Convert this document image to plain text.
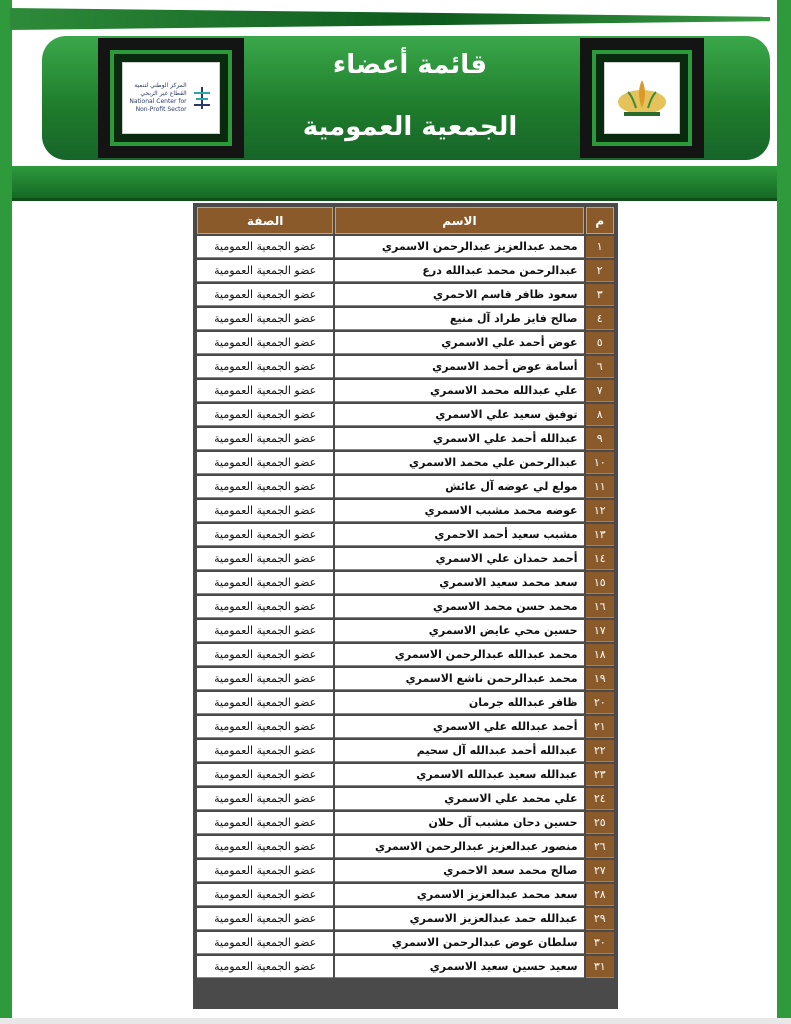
المركز الوطني لتنمية
القطاع غير الربحي
National Center for
Non-Profit Sector
قائمة أعضاء
الجمعية العمومية
م	الاسم	الصفة
١	محمد عبدالعزيز عبدالرحمن الاسمري	عضو الجمعية العمومية
٢	عبدالرحمن محمد عبدالله درع	عضو الجمعية العمومية
٣	سعود ظافر قاسم الاحمري	عضو الجمعية العمومية
٤	صالح فايز طراد آل منيع	عضو الجمعية العمومية
٥	عوض أحمد علي الاسمري	عضو الجمعية العمومية
٦	أسامة عوض أحمد الاسمري	عضو الجمعية العمومية
٧	علي عبدالله محمد الاسمري	عضو الجمعية العمومية
٨	توفيق سعيد علي الاسمري	عضو الجمعية العمومية
٩	عبدالله أحمد علي الاسمري	عضو الجمعية العمومية
١٠	عبدالرحمن علي محمد الاسمري	عضو الجمعية العمومية
١١	مولع لي عوضه آل عائش	عضو الجمعية العمومية
١٢	عوضه محمد مشبب الاسمري	عضو الجمعية العمومية
١٣	مشبب سعيد أحمد الاحمري	عضو الجمعية العمومية
١٤	أحمد حمدان علي الاسمري	عضو الجمعية العمومية
١٥	سعد محمد سعيد الاسمري	عضو الجمعية العمومية
١٦	محمد حسن محمد الاسمري	عضو الجمعية العمومية
١٧	حسين محي عايض الاسمري	عضو الجمعية العمومية
١٨	محمد عبدالله عبدالرحمن الاسمري	عضو الجمعية العمومية
١٩	محمد عبدالرحمن ناشع الاسمري	عضو الجمعية العمومية
٢٠	ظافر عبدالله جرمان	عضو الجمعية العمومية
٢١	أحمد عبدالله علي الاسمري	عضو الجمعية العمومية
٢٢	عبدالله أحمد عبدالله آل سحيم	عضو الجمعية العمومية
٢٣	عبدالله سعيد عبدالله الاسمري	عضو الجمعية العمومية
٢٤	علي محمد علي الاسمري	عضو الجمعية العمومية
٢٥	حسين دحان مشبب آل حلان	عضو الجمعية العمومية
٢٦	منصور عبدالعزيز عبدالرحمن الاسمري	عضو الجمعية العمومية
٢٧	صالح محمد سعد الاحمري	عضو الجمعية العمومية
٢٨	سعد محمد عبدالعزيز الاسمري	عضو الجمعية العمومية
٢٩	عبدالله حمد عبدالعزيز الاسمري	عضو الجمعية العمومية
٣٠	سلطان عوض عبدالرحمن الاسمري	عضو الجمعية العمومية
٣١	سعيد حسين سعيد الاسمري	عضو الجمعية العمومية
